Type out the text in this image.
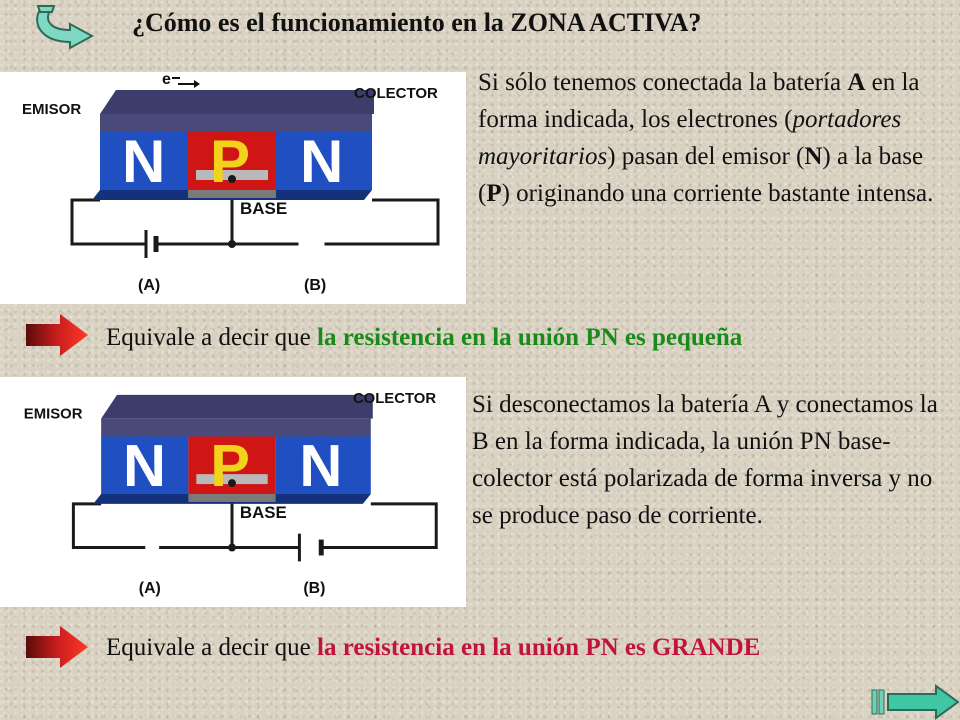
¿Cómo es el funcionamiento en la ZONA ACTIVA?
EMISOR
COLECTOR
BASE
N P N
(A)	(B)
e	Si sólo tenemos conectada la batería A en la forma indicada, los electrones (portadores mayoritarios) pasan del emisor (N) a la base (P) originando una corriente bastante intensa.
Equivale a decir que la resistencia en la unión PN es pequeña
EMISOR
COLECTOR
BASE
N P N
(A)	(B)
e
Si desconectamos la batería A y conectamos la B en la forma indicada, la unión PN base-colector está polarizada de forma inversa y no se produce paso de corriente.
Equivale a decir que la resistencia en la unión PN es GRANDE
